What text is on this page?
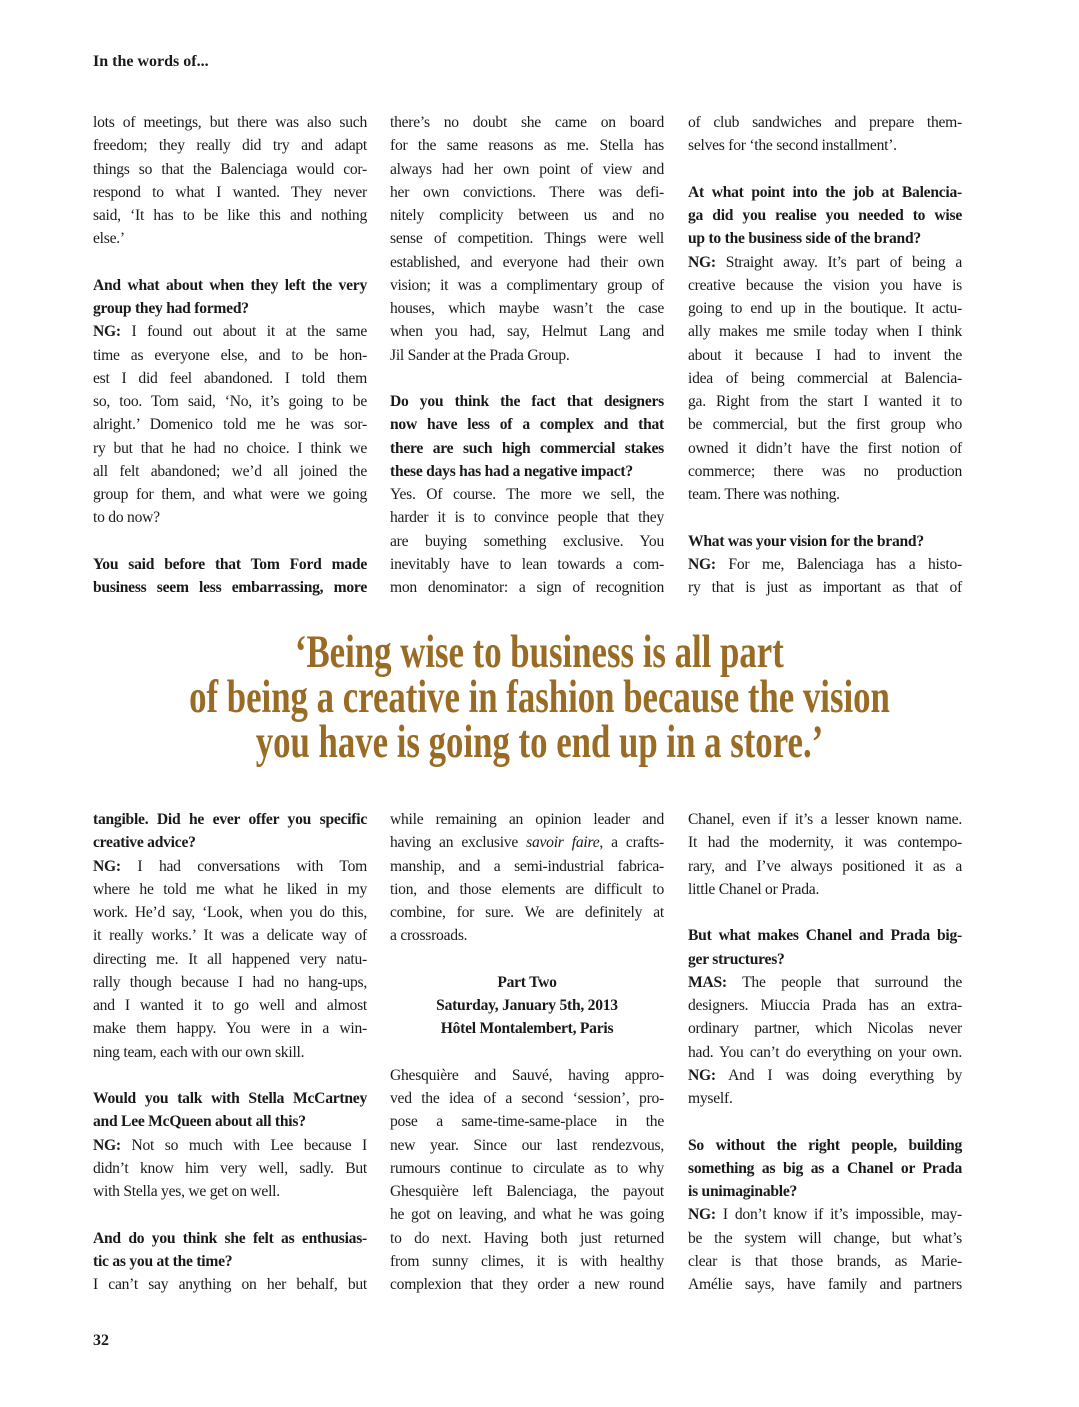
In the words of...
lots of meetings, but there was also such
freedom; they really did try and adapt
things so that the Balenciaga would cor-
respond to what I wanted. They never
said, ‘It has to be like this and nothing
else.’
And what about when they left the very
group they had formed?
NG: I found out about it at the same
time as everyone else, and to be hon-
est I did feel abandoned. I told them
so, too. Tom said, ‘No, it’s going to be
alright.’ Domenico told me he was sor-
ry but that he had no choice. I think we
all felt abandoned; we’d all joined the
group for them, and what were we going
to do now?
You said before that Tom Ford made
business seem less embarrassing, more
there’s no doubt she came on board
for the same reasons as me. Stella has
always had her own point of view and
her own convictions. There was defi-
nitely complicity between us and no
sense of competition. Things were well
established, and everyone had their own
vision; it was a complimentary group of
houses, which maybe wasn’t the case
when you had, say, Helmut Lang and
Jil Sander at the Prada Group.
Do you think the fact that designers
now have less of a complex and that
there are such high commercial stakes
these days has had a negative impact?
Yes. Of course. The more we sell, the
harder it is to convince people that they
are buying something exclusive. You
inevitably have to lean towards a com-
mon denominator: a sign of recognition
of club sandwiches and prepare them-
selves for ‘the second installment’.
At what point into the job at Balencia-
ga did you realise you needed to wise
up to the business side of the brand?
NG: Straight away. It’s part of being a
creative because the vision you have is
going to end up in the boutique. It actu-
ally makes me smile today when I think
about it because I had to invent the
idea of being commercial at Balencia-
ga. Right from the start I wanted it to
be commercial, but the first group who
owned it didn’t have the first notion of
commerce; there was no production
team. There was nothing.
What was your vision for the brand?
NG: For me, Balenciaga has a histo-
ry that is just as important as that of
‘Being wise to business is all part
of being a creative in fashion because the vision
you have is going to end up in a store.’
tangible. Did he ever offer you specific
creative advice?
NG: I had conversations with Tom
where he told me what he liked in my
work. He’d say, ‘Look, when you do this,
it really works.’ It was a delicate way of
directing me. It all happened very natu-
rally though because I had no hang-ups,
and I wanted it to go well and almost
make them happy. You were in a win-
ning team, each with our own skill.
Would you talk with Stella McCartney
and Lee McQueen about all this?
NG: Not so much with Lee because I
didn’t know him very well, sadly. But
with Stella yes, we get on well.
And do you think she felt as enthusias-
tic as you at the time?
I can’t say anything on her behalf, but
while remaining an opinion leader and
having an exclusive savoir faire, a crafts-
manship, and a semi-industrial fabrica-
tion, and those elements are difficult to
combine, for sure. We are definitely at
a crossroads.
Part Two
Saturday, January 5th, 2013
Hôtel Montalembert, Paris
Ghesquière and Sauvé, having appro-
ved the idea of a second ‘session’, pro-
pose a same-time-same-place in the
new year. Since our last rendezvous,
rumours continue to circulate as to why
Ghesquière left Balenciaga, the payout
he got on leaving, and what he was going
to do next. Having both just returned
from sunny climes, it is with healthy
complexion that they order a new round
Chanel, even if it’s a lesser known name.
It had the modernity, it was contempo-
rary, and I’ve always positioned it as a
little Chanel or Prada.
But what makes Chanel and Prada big-
ger structures?
MAS: The people that surround the
designers. Miuccia Prada has an extra-
ordinary partner, which Nicolas never
had. You can’t do everything on your own.
NG: And I was doing everything by
myself.
So without the right people, building
something as big as a Chanel or Prada
is unimaginable?
NG: I don’t know if it’s impossible, may-
be the system will change, but what’s
clear is that those brands, as Marie-
Amélie says, have family and partners
32
